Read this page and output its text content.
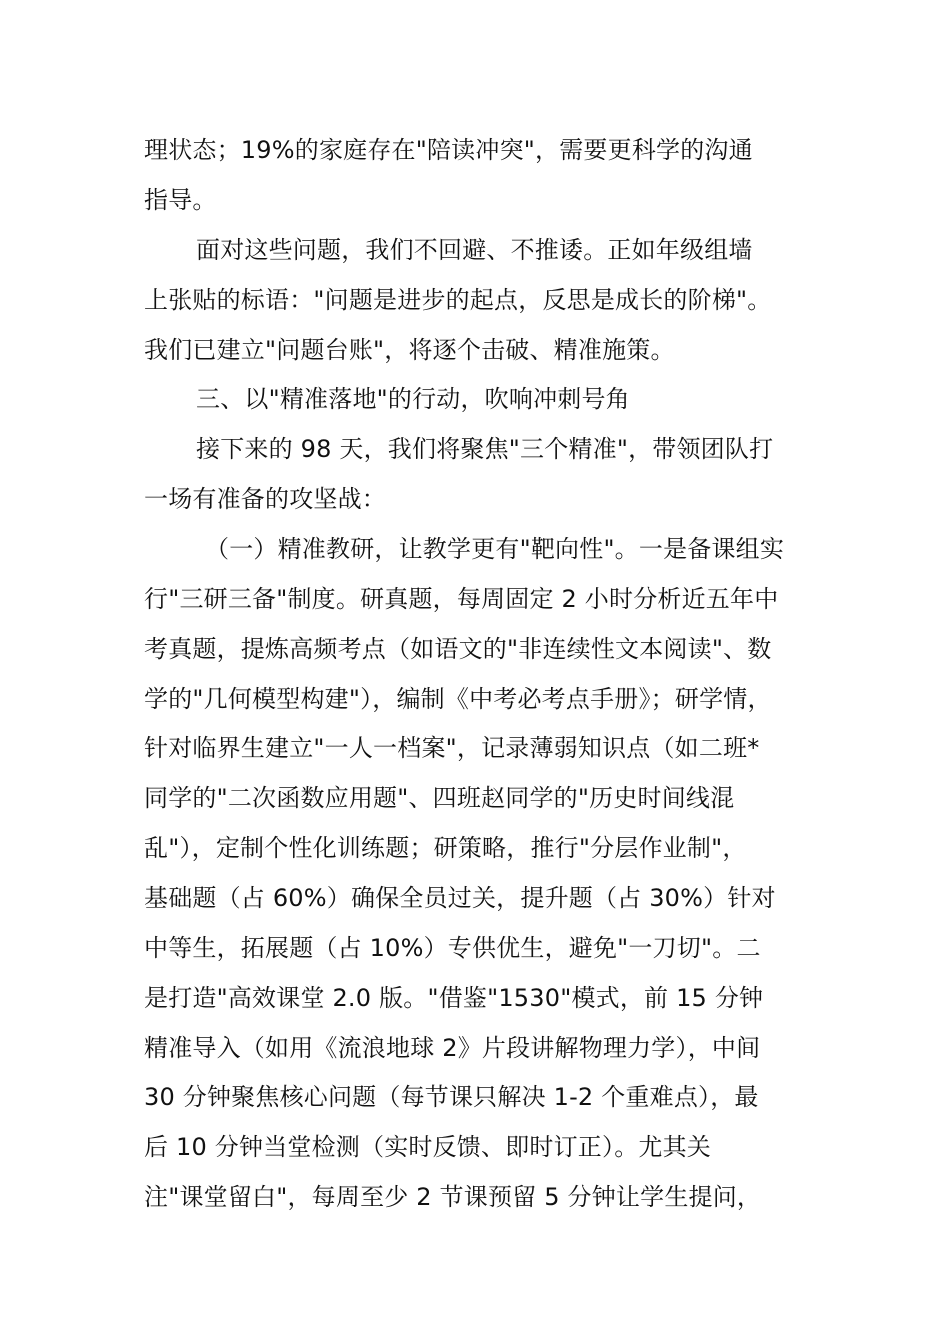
理状态；19%的家庭存在"陪读冲突"，需要更科学的沟通
指导。
面对这些问题，我们不回避、不推诿。正如年级组墙
上张贴的标语："问题是进步的起点，反思是成长的阶梯"。
我们已建立"问题台账"，将逐个击破、精准施策。
三、以"精准落地"的行动，吹响冲刺号角
接下来的 98 天，我们将聚焦"三个精准"，带领团队打
一场有准备的攻坚战：
（一）精准教研，让教学更有"靶向性"。一是备课组实
行"三研三备"制度。研真题，每周固定 2 小时分析近五年中
考真题，提炼高频考点（如语文的"非连续性文本阅读"、数
学的"几何模型构建"），编制《中考必考点手册》；研学情，
针对临界生建立"一人一档案"，记录薄弱知识点（如二班*
同学的"二次函数应用题"、四班赵同学的"历史时间线混
乱"），定制个性化训练题；研策略，推行"分层作业制"，
基础题（占 60%）确保全员过关，提升题（占 30%）针对
中等生，拓展题（占 10%）专供优生，避免"一刀切"。二
是打造"高效课堂 2.0 版。"借鉴"1530"模式，前 15 分钟
精准导入（如用《流浪地球 2》片段讲解物理力学），中间
30 分钟聚焦核心问题（每节课只解决 1-2 个重难点），最
后 10 分钟当堂检测（实时反馈、即时订正）。尤其关
注"课堂留白"，每周至少 2 节课预留 5 分钟让学生提问，
